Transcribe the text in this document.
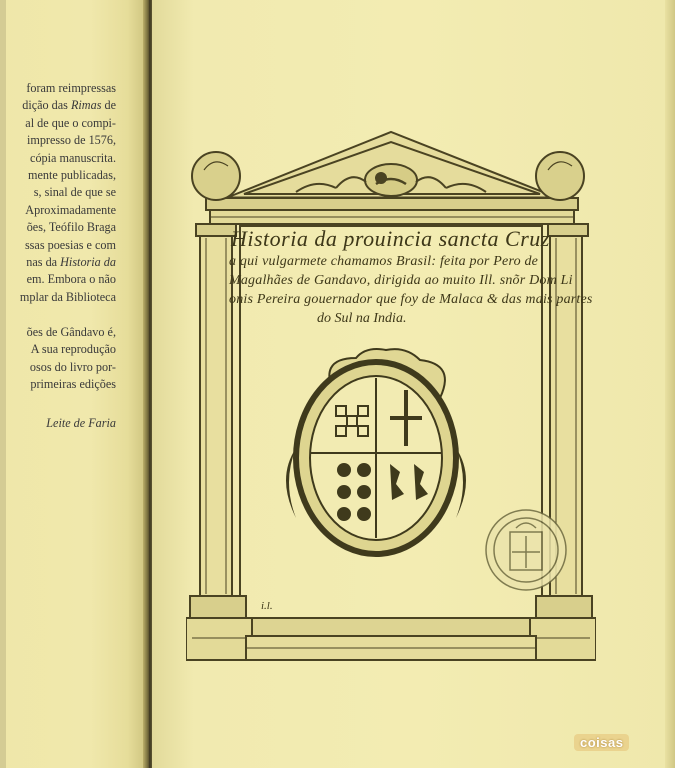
foram reimpressas
dição das Rimas de
al de que o compi-
impresso de 1576,
cópia manuscrita.
mente publicadas,
s, sinal de que se
Aproximadamente
ões, Teófilo Braga
ssas poesias e com
nas da Historia da
em. Embora o não
mplar da Biblioteca

ões de Gândavo é,
A sua reprodução
osos do livro por-
primeiras edições
Leite de Faria
Historia da prouincia sancta Cruz
a qui vulgarmete chamamos Brasil: feita por Pero de
Magalhães de Gandavo, dirigida ao muito Ill. snõr Dom Li
onis Pereira gouernador que foy de Malaca & das mais partes
do Sul na India.
i.l.
coisas
